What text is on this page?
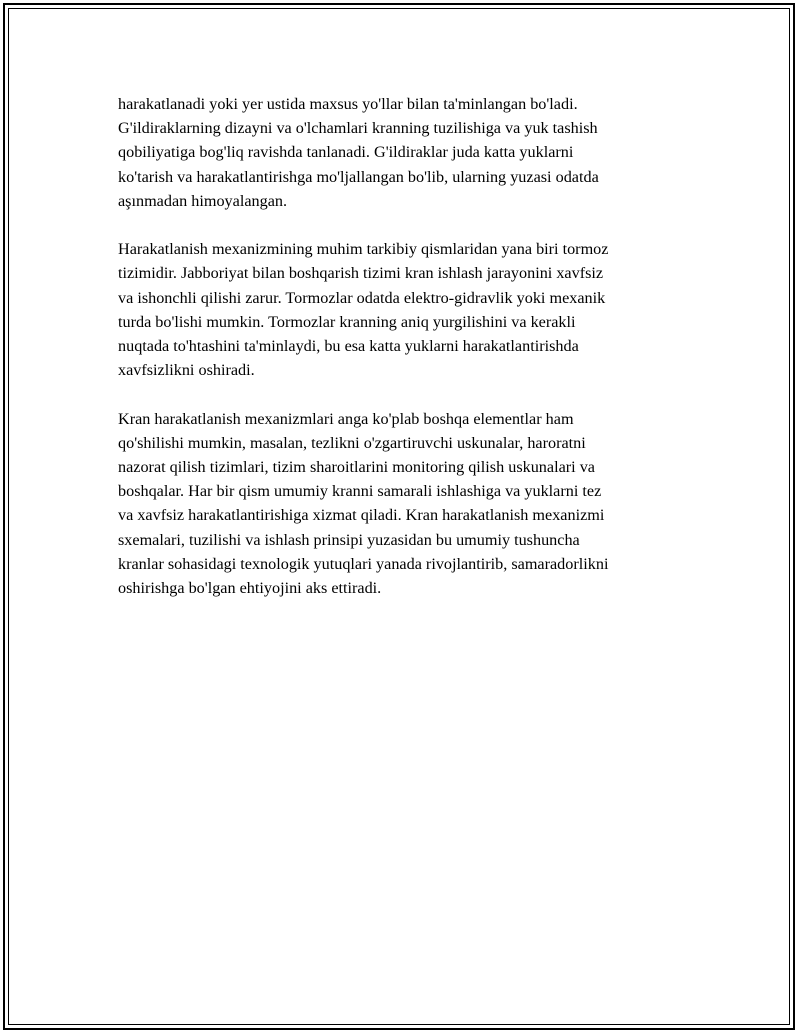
harakatlanadi yoki yer ustida maxsus yo'llar bilan ta'minlangan bo'ladi.
G'ildiraklarning dizayni va o'lchamlari kranning tuzilishiga va yuk tashish
qobiliyatiga bog'liq ravishda tanlanadi. G'ildiraklar juda katta yuklarni
ko'tarish va harakatlantirishga mo'ljallangan bo'lib, ularning yuzasi odatda
aşınmadan himoyalangan.

Harakatlanish mexanizmining muhim tarkibiy qismlaridan yana biri tormoz
tizimidir. Jabboriyat bilan boshqarish tizimi kran ishlash jarayonini xavfsiz
va ishonchli qilishi zarur. Tormozlar odatda elektro-gidravlik yoki mexanik
turda bo'lishi mumkin. Tormozlar kranning aniq yurgilishini va kerakli
nuqtada to'htashini ta'minlaydi, bu esa katta yuklarni harakatlantirishda
xavfsizlikni oshiradi.

Kran harakatlanish mexanizmlari anga ko'plab boshqa elementlar ham
qo'shilishi mumkin, masalan, tezlikni o'zgartiruvchi uskunalar, haroratni
nazorat qilish tizimlari, tizim sharoitlarini monitoring qilish uskunalari va
boshqalar. Har bir qism umumiy kranni samarali ishlashiga va yuklarni tez
va xavfsiz harakatlantirishiga xizmat qiladi. Kran harakatlanish mexanizmi
sxemalari, tuzilishi va ishlash prinsipi yuzasidan bu umumiy tushuncha
kranlar sohasidagi texnologik yutuqlari yanada rivojlantirib, samaradorlikni
oshirishga bo'lgan ehtiyojini aks ettiradi.
